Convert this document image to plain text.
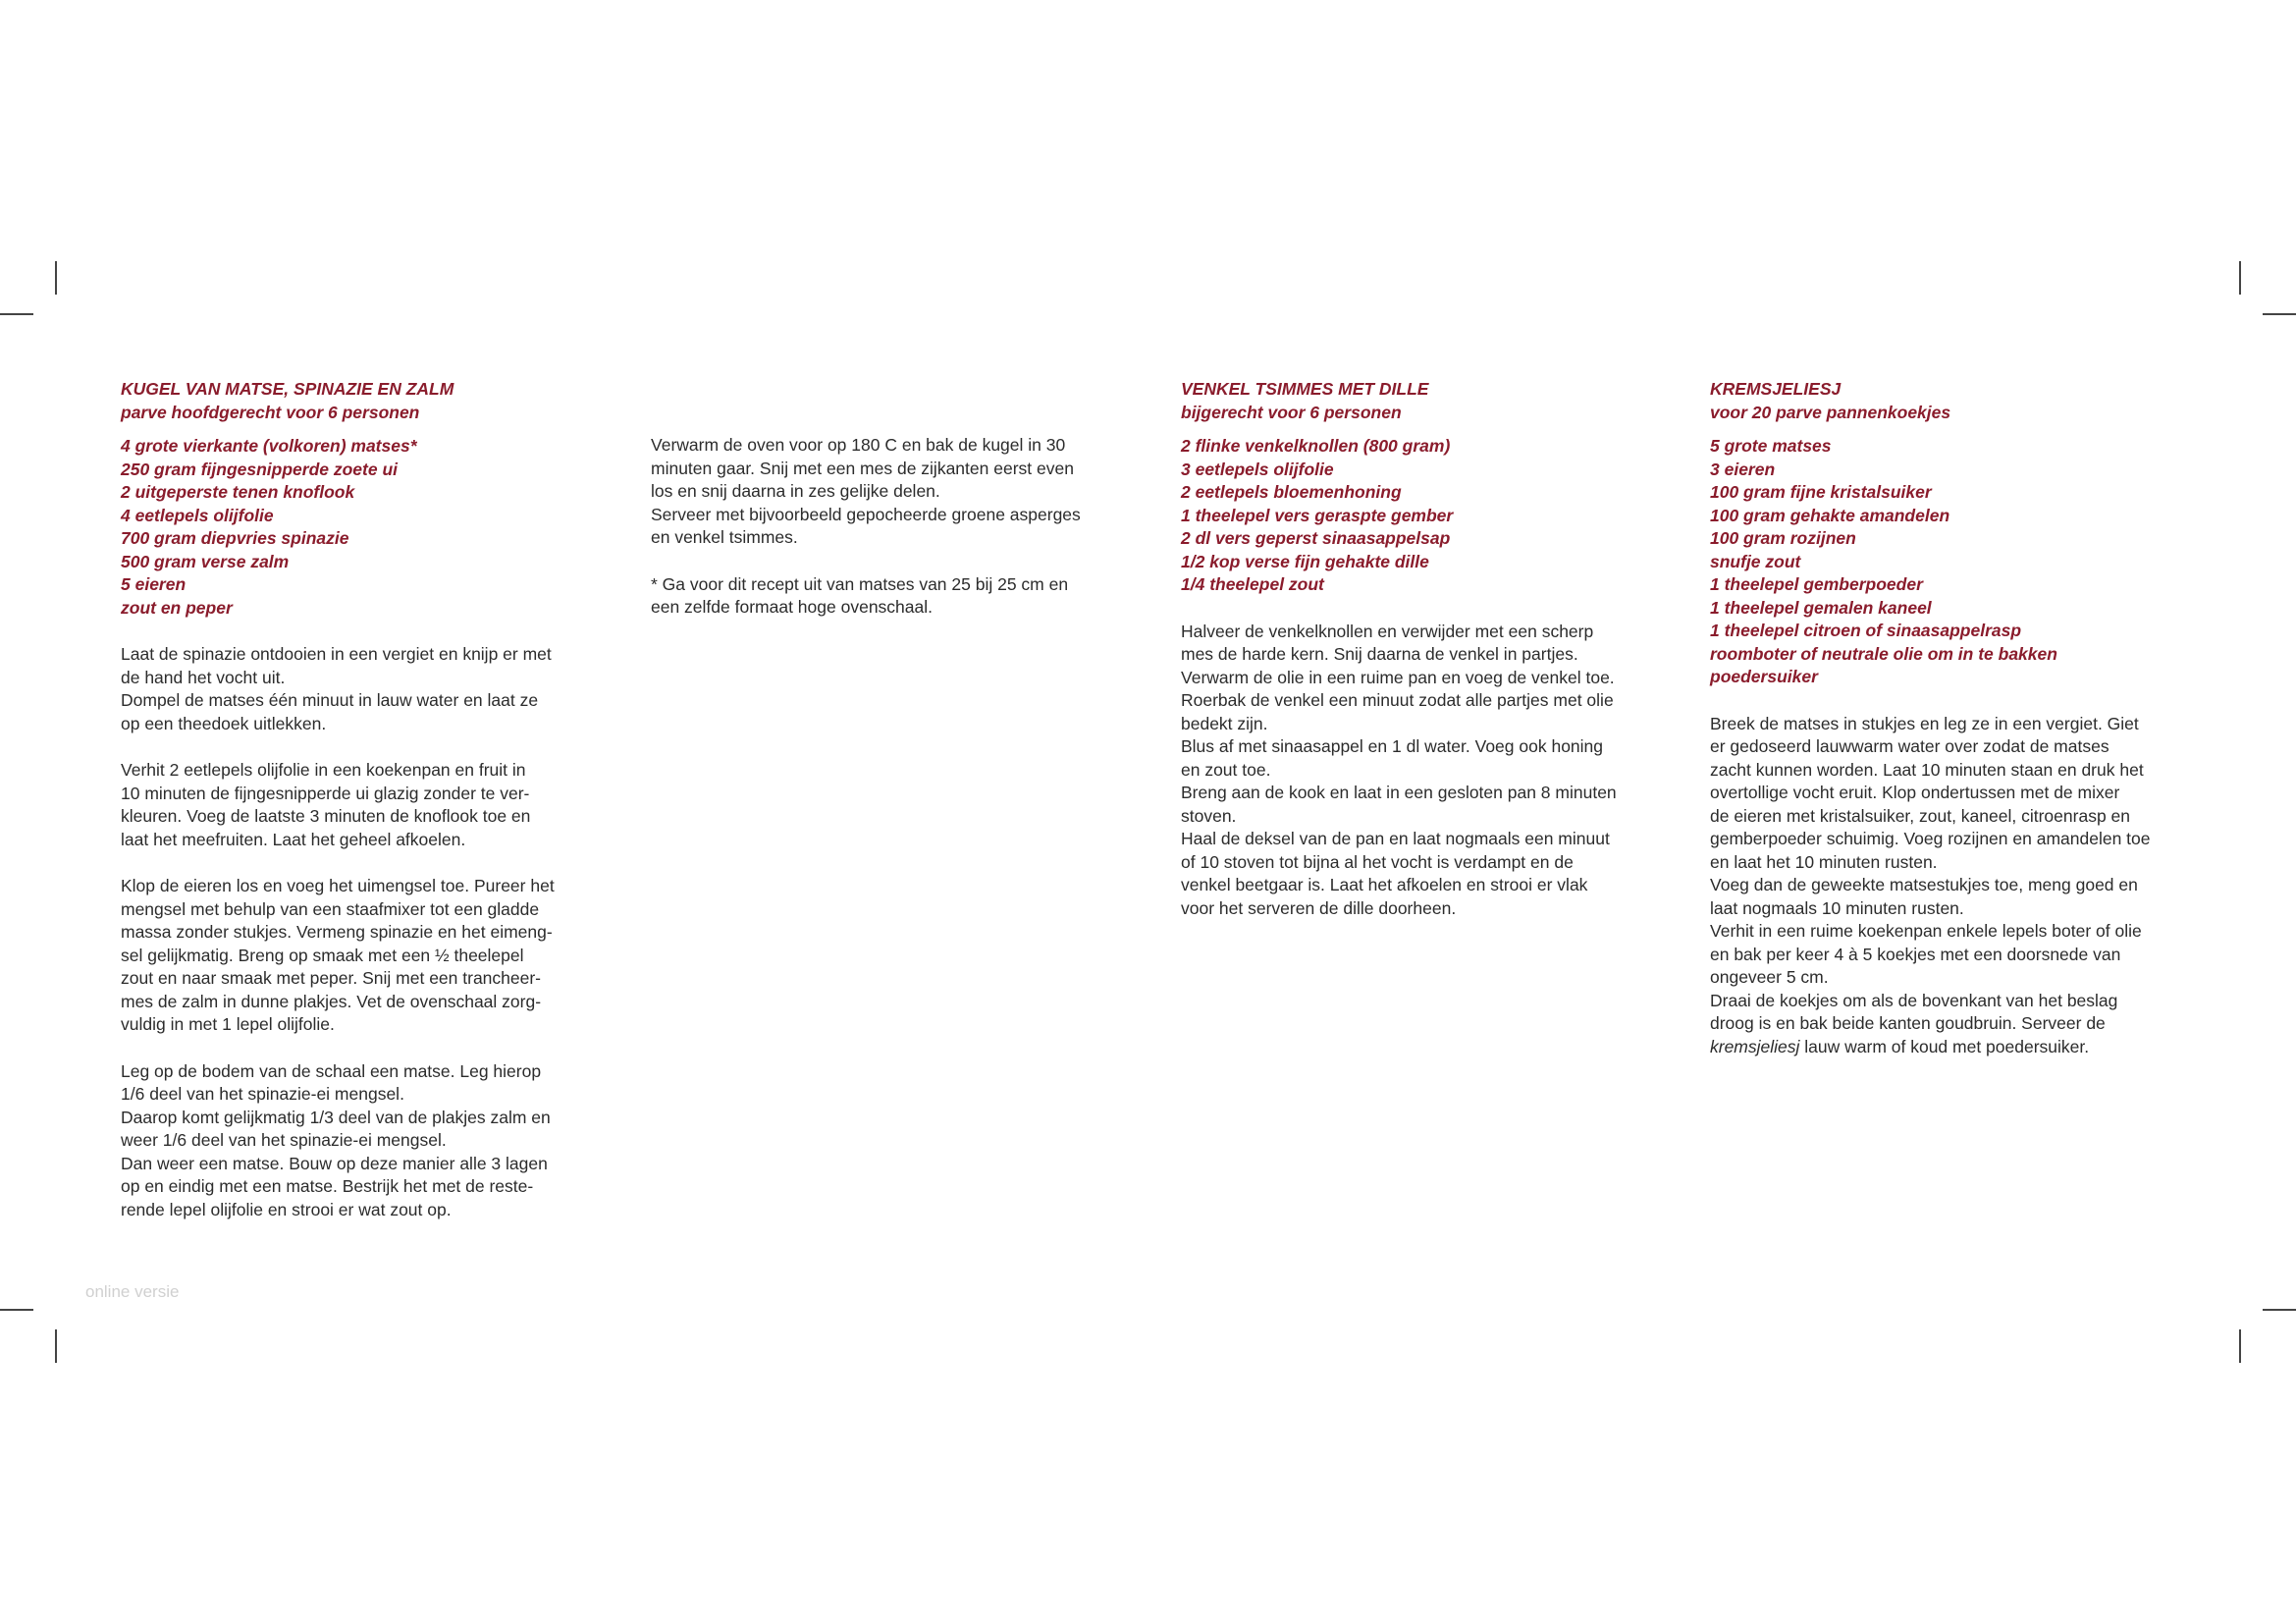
KUGEL VAN MATSE, SPINAZIE EN ZALM

parve hoofdgerecht voor 6 personen

4 grote vierkante (volkoren) matses*

250 gram fijngesnipperde zoete ui

2 uitgeperste tenen knoflook

4 eetlepels olijfolie

700 gram diepvries spinazie

500 gram verse zalm

5 eieren

zout en peper

Laat de spinazie ontdooien in een vergiet en knijp er met

de hand het vocht uit.

Dompel de matses één minuut in lauw water en laat ze

op een theedoek uitlekken.

Verhit 2 eetlepels olijfolie in een koekenpan en fruit in

10 minuten de fijngesnipperde ui glazig zonder te ver-

kleuren. Voeg de laatste 3 minuten de knoflook toe en

laat het meefruiten. Laat het geheel afkoelen.

Klop de eieren los en voeg het uimengsel toe. Pureer het

mengsel met behulp van een staafmixer tot een gladde

massa zonder stukjes. Vermeng spinazie en het eimeng-

sel gelijkmatig. Breng op smaak met een ½ theelepel

zout en naar smaak met peper. Snij met een trancheer-

mes de zalm in dunne plakjes. Vet de ovenschaal zorg-

vuldig in met 1 lepel olijfolie.

Leg op de bodem van de schaal een matse. Leg hierop

1/6 deel van het spinazie-ei mengsel.

Daarop komt gelijkmatig 1/3 deel van de plakjes zalm en

weer 1/6 deel van het spinazie-ei mengsel.

Dan weer een matse. Bouw op deze manier alle 3 lagen

op en eindig met een matse. Bestrijk het met de reste-

rende lepel olijfolie en strooi er wat zout op.

Verwarm de oven voor op 180 C en bak de kugel in 30

minuten gaar. Snij met een mes de zijkanten eerst even

los en snij daarna in zes gelijke delen.

Serveer met bijvoorbeeld gepocheerde groene asperges

en venkel tsimmes.

* Ga voor dit recept uit van matses van 25 bij 25 cm en

een zelfde formaat hoge ovenschaal.

VENKEL TSIMMES MET DILLE

bijgerecht voor 6 personen

2 flinke venkelknollen (800 gram)

3 eetlepels olijfolie

2 eetlepels bloemenhoning

1 theelepel vers geraspte gember

2 dl vers geperst sinaasappelsap

1/2 kop verse fijn gehakte dille

1/4 theelepel zout

Halveer de venkelknollen en verwijder met een scherp

mes de harde kern. Snij daarna de venkel in partjes.

Verwarm de olie in een ruime pan en voeg de venkel toe.

Roerbak de venkel een minuut zodat alle partjes met olie

bedekt zijn.

Blus af met sinaasappel en 1 dl water. Voeg ook honing

en zout toe.

Breng aan de kook en laat in een gesloten pan 8 minuten

stoven.

Haal de deksel van de pan en laat nogmaals een minuut

of 10 stoven tot bijna al het vocht is verdampt en de

venkel beetgaar is. Laat het afkoelen en strooi er vlak

voor het serveren de dille doorheen.

KREMSJELIESJ

voor 20 parve pannenkoekjes

5 grote matses

3 eieren

100 gram fijne kristalsuiker

100 gram gehakte amandelen

100 gram rozijnen

snufje zout

1 theelepel gemberpoeder

1 theelepel gemalen kaneel

1 theelepel citroen of sinaasappelrasp

roomboter of neutrale olie om in te bakken

poedersuiker

Breek de matses in stukjes en leg ze in een vergiet. Giet

er gedoseerd lauwwarm water over zodat de matses

zacht kunnen worden. Laat 10 minuten staan en druk het

overtollige vocht eruit. Klop ondertussen met de mixer

de eieren met kristalsuiker, zout, kaneel, citroenrasp en

gemberpoeder schuimig. Voeg rozijnen en amandelen toe

en laat het 10 minuten rusten.

Voeg dan de geweekte matsestukjes toe, meng goed en

laat nogmaals 10 minuten rusten.

Verhit in een ruime koekenpan enkele lepels boter of olie

en bak per keer 4 à 5 koekjes met een doorsnede van

ongeveer 5 cm.

Draai de koekjes om als de bovenkant van het beslag

droog is en bak beide kanten goudbruin. Serveer de

kremsjeliesj lauw warm of koud met poedersuiker.

online versie
